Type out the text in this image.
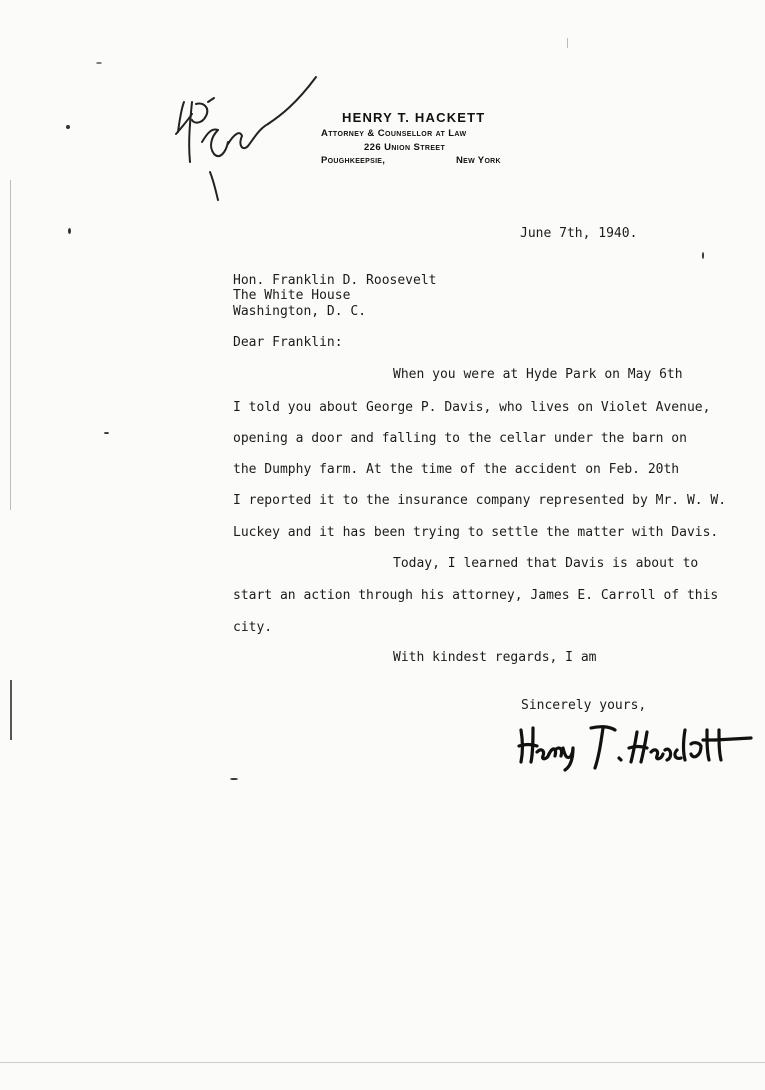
HENRY T. HACKETT
Attorney & Counsellor at Law
226 Union Street
Poughkeepsie,	New York
June 7th, 1940.
Hon. Franklin D. Roosevelt
The White House
Washington, D. C.
Dear Franklin:
When you were at Hyde Park on May 6th
I told you about George P. Davis, who lives on Violet Avenue,
opening a door and falling to the cellar under the barn on
the Dumphy farm. At the time of the accident on Feb. 20th
I reported it to the insurance company represented by Mr. W. W.
Luckey and it has been trying to settle the matter with Davis.
Today, I learned that Davis is about to
start an action through his attorney, James E. Carroll of this
city.
With kindest regards, I am
Sincerely yours,
